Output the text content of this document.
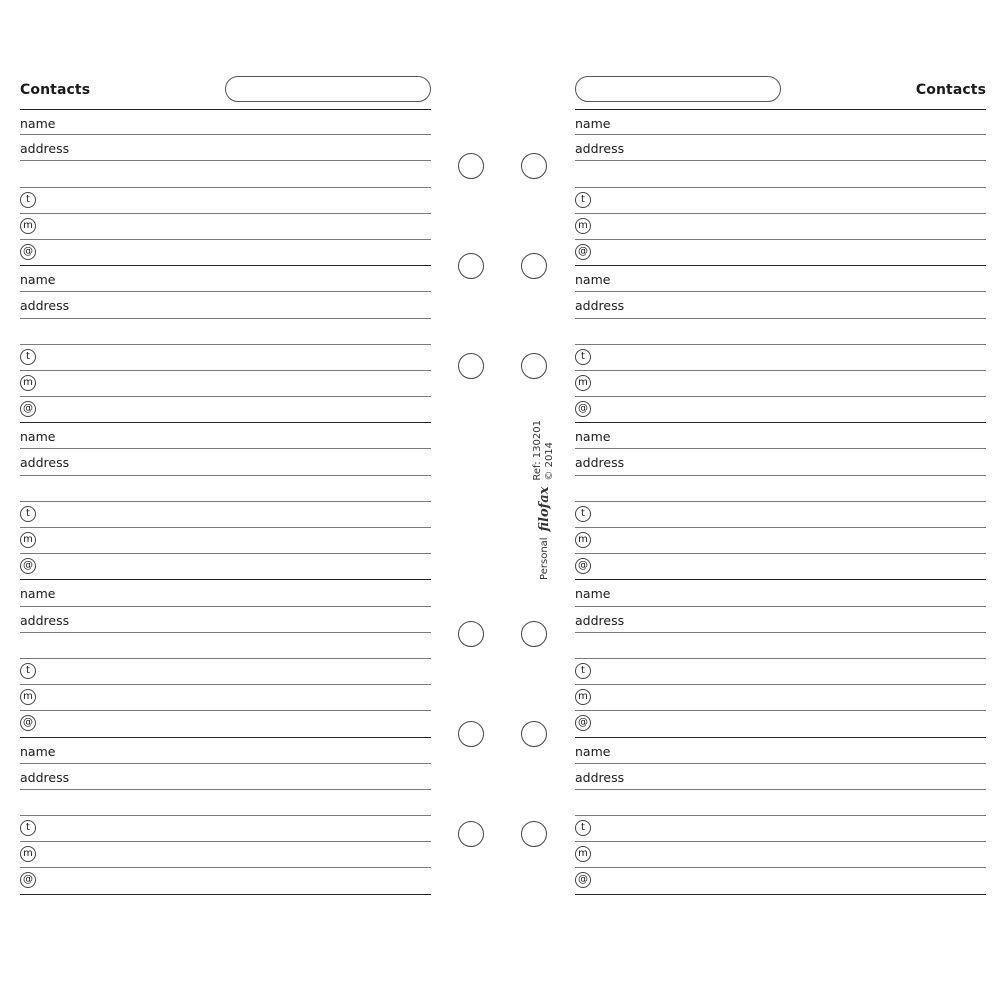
Contacts
name
address
t
m
@
name
address
t
m
@
name
address
t
m
@
name
address
t
m
@
name
address
t
m
@
Contacts
name
address
t
m
@
name
address
t
m
@
name
address
t
m
@
name
address
t
m
@
name
address
t
m
@
Personal
filofax
Ref: 130201 © 2014
